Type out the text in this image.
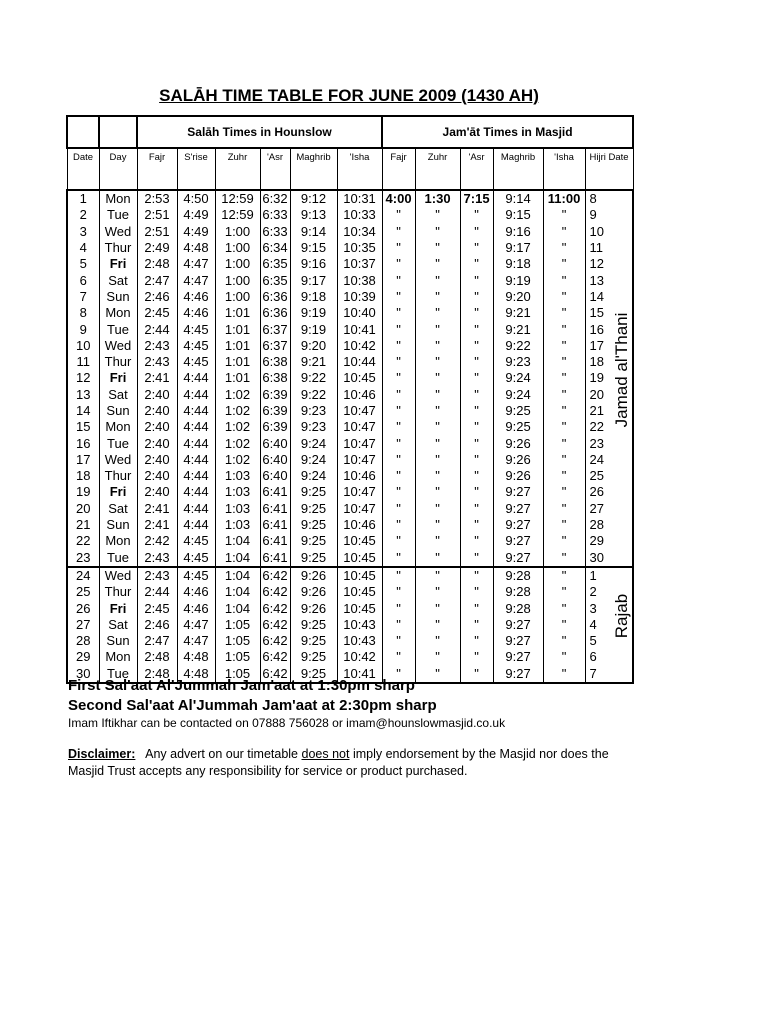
SALĀH TIME TABLE FOR JUNE 2009 (1430 AH)
		Salāh Times in Hounslow						Jam'āt Times in Masjid					
Date	Day	Fajr	S'rise	Zuhr	'Asr	Maghrib	'Isha	Fajr	Zuhr	'Asr	Maghrib	'Isha	Hijri Date
1	Mon	2:53	4:50	12:59	6:32	9:12	10:31	4:00	1:30	7:15	9:14	11:00	8
2	Tue	2:51	4:49	12:59	6:33	9:13	10:33	"	"	"	9:15	"	9
3	Wed	2:51	4:49	1:00	6:33	9:14	10:34	"	"	"	9:16	"	10
4	Thur	2:49	4:48	1:00	6:34	9:15	10:35	"	"	"	9:17	"	11
5	Fri	2:48	4:47	1:00	6:35	9:16	10:37	"	"	"	9:18	"	12
6	Sat	2:47	4:47	1:00	6:35	9:17	10:38	"	"	"	9:19	"	13
7	Sun	2:46	4:46	1:00	6:36	9:18	10:39	"	"	"	9:20	"	14
8	Mon	2:45	4:46	1:01	6:36	9:19	10:40	"	"	"	9:21	"	15
9	Tue	2:44	4:45	1:01	6:37	9:19	10:41	"	"	"	9:21	"	16
10	Wed	2:43	4:45	1:01	6:37	9:20	10:42	"	"	"	9:22	"	17
11	Thur	2:43	4:45	1:01	6:38	9:21	10:44	"	"	"	9:23	"	18
12	Fri	2:41	4:44	1:01	6:38	9:22	10:45	"	"	"	9:24	"	19
13	Sat	2:40	4:44	1:02	6:39	9:22	10:46	"	"	"	9:24	"	20
14	Sun	2:40	4:44	1:02	6:39	9:23	10:47	"	"	"	9:25	"	21
15	Mon	2:40	4:44	1:02	6:39	9:23	10:47	"	"	"	9:25	"	22
16	Tue	2:40	4:44	1:02	6:40	9:24	10:47	"	"	"	9:26	"	23
17	Wed	2:40	4:44	1:02	6:40	9:24	10:47	"	"	"	9:26	"	24
18	Thur	2:40	4:44	1:03	6:40	9:24	10:46	"	"	"	9:26	"	25
19	Fri	2:40	4:44	1:03	6:41	9:25	10:47	"	"	"	9:27	"	26
20	Sat	2:41	4:44	1:03	6:41	9:25	10:47	"	"	"	9:27	"	27
21	Sun	2:41	4:44	1:03	6:41	9:25	10:46	"	"	"	9:27	"	28
22	Mon	2:42	4:45	1:04	6:41	9:25	10:45	"	"	"	9:27	"	29
23	Tue	2:43	4:45	1:04	6:41	9:25	10:45	"	"	"	9:27	"	30
24	Wed	2:43	4:45	1:04	6:42	9:26	10:45	"	"	"	9:28	"	1
25	Thur	2:44	4:46	1:04	6:42	9:26	10:45	"	"	"	9:28	"	2
26	Fri	2:45	4:46	1:04	6:42	9:26	10:45	"	"	"	9:28	"	3
27	Sat	2:46	4:47	1:05	6:42	9:25	10:43	"	"	"	9:27	"	4
28	Sun	2:47	4:47	1:05	6:42	9:25	10:43	"	"	"	9:27	"	5
29	Mon	2:48	4:48	1:05	6:42	9:25	10:42	"	"	"	9:27	"	6
30	Tue	2:48	4:48	1:05	6:42	9:25	10:41	"	"	"	9:27	"	7
Jamad al'Thani
Rajab
First Sal'aat Al'Jummah Jam'aat at 1:30pm sharp
Second Sal'aat Al'Jummah Jam'aat at 2:30pm sharp
Imam Iftikhar can be contacted on 07888 756028 or imam@hounslowmasjid.co.uk
Disclaimer: Any advert on our timetable does not imply endorsement by the Masjid nor does the Masjid Trust accepts any responsibility for service or product purchased.
